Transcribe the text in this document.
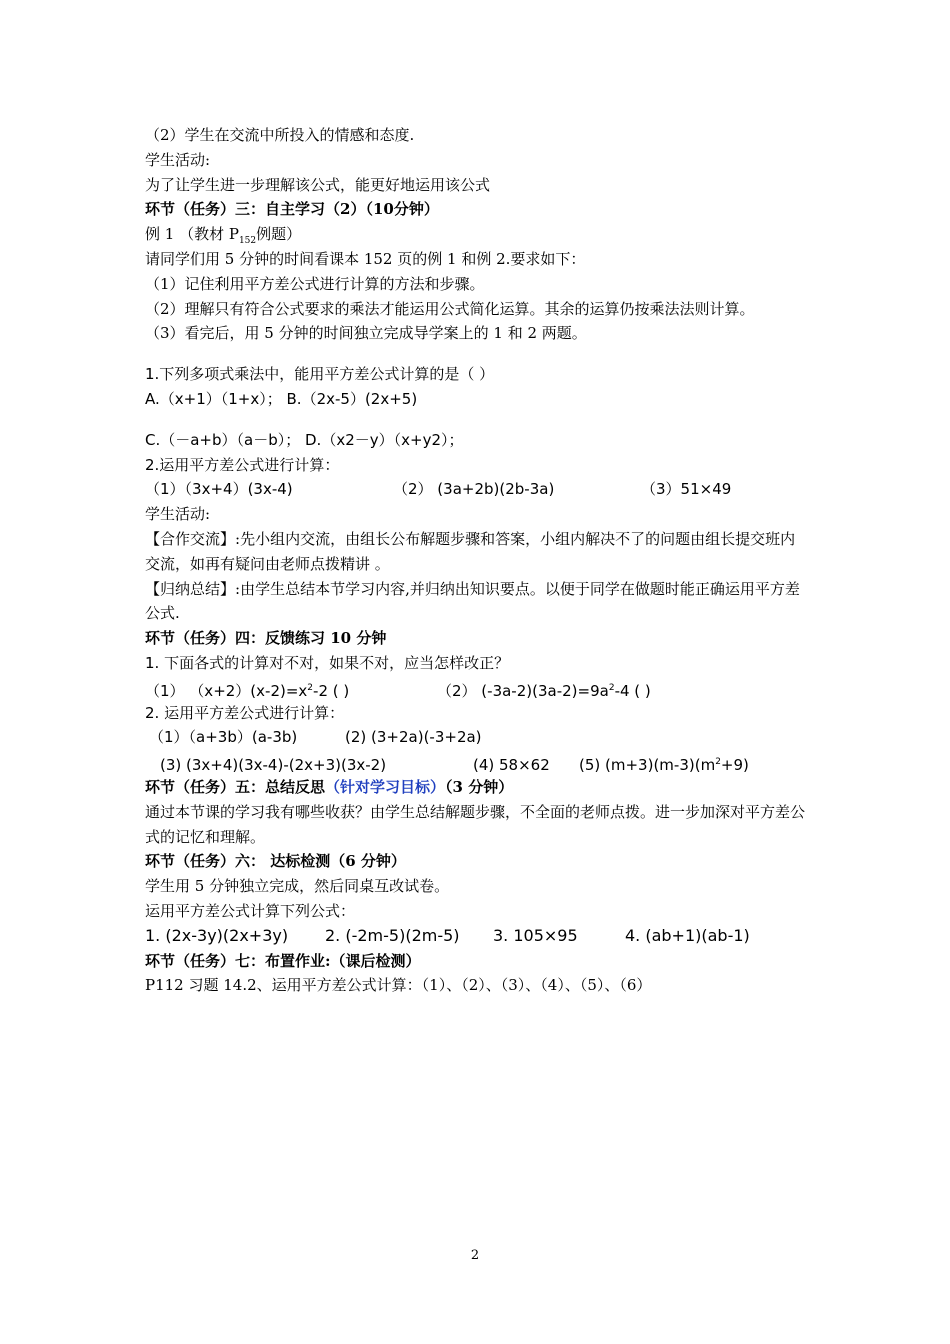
（2）学生在交流中所投入的情感和态度.
学生活动:
为了让学生进一步理解该公式，能更好地运用该公式
环节（任务）三：自主学习（2）（10分钟）
例 1 （教材 $P_{152}$例题）
请同学们用 5 分钟的时间看课本 152 页的例 1 和例 2.要求如下：
（1）记住利用平方差公式进行计算的方法和步骤。
（2）理解只有符合公式要求的乘法才能运用公式简化运算。其余的运算仍按乘法法则计算。
（3）看完后，用 5 分钟的时间独立完成导学案上的 1 和 2 两题。
1.下列多项式乘法中，能用平方差公式计算的是（ ）
A.（x+1）（1+x）； B.（2x-5）(2x+5)
C.（－a+b）（a－b）； D.（x2－y）（x+y2）；
2.运用平方差公式进行计算：
（1）（3x+4）(3x-4)	（2） (3a+2b)(2b-3a)	（3）51×49
学生活动:
【合作交流】:先小组内交流，由组长公布解题步骤和答案，小组内解决不了的问题由组长提交班内交流，如再有疑问由老师点拨精讲 。
【归纳总结】:由学生总结本节学习内容,并归纳出知识要点。以便于同学在做题时能正确运用平方差公式.
环节（任务）四：反馈练习 10 分钟
1. 下面各式的计算对不对，如果不对，应当怎样改正？
（1） $(x+2)(x-2)=x^2-2$ ( )	（2） $(-3a-2)(3a-2)=9a^2-4$ ( )
2. 运用平方差公式进行计算：
（1）（a+3b）(a-3b)	(2) (3+2a)(-3+2a)
(3) (3x+4)(3x-4)-(2x+3)(3x-2)	(4) 58×62 (5) $(m+3)(m-3)(m^2+9)$
环节（任务）五：总结反思（针对学习目标）（3 分钟）
通过本节课的学习我有哪些收获？由学生总结解题步骤，不全面的老师点拨。进一步加深对平方差公式的记忆和理解。
环节（任务）六： 达标检测（6 分钟）
学生用 5 分钟独立完成，然后同桌互改试卷。
运用平方差公式计算下列公式：
1. (2x-3y)(2x+3y) 2. (-2m-5)(2m-5) 3. 105×95	4. (ab+1)(ab-1)
环节（任务）七：布置作业:（课后检测）
P112 习题 14.2、运用平方差公式计算：（1）、（2）、（3）、（4）、（5）、（6）
2
